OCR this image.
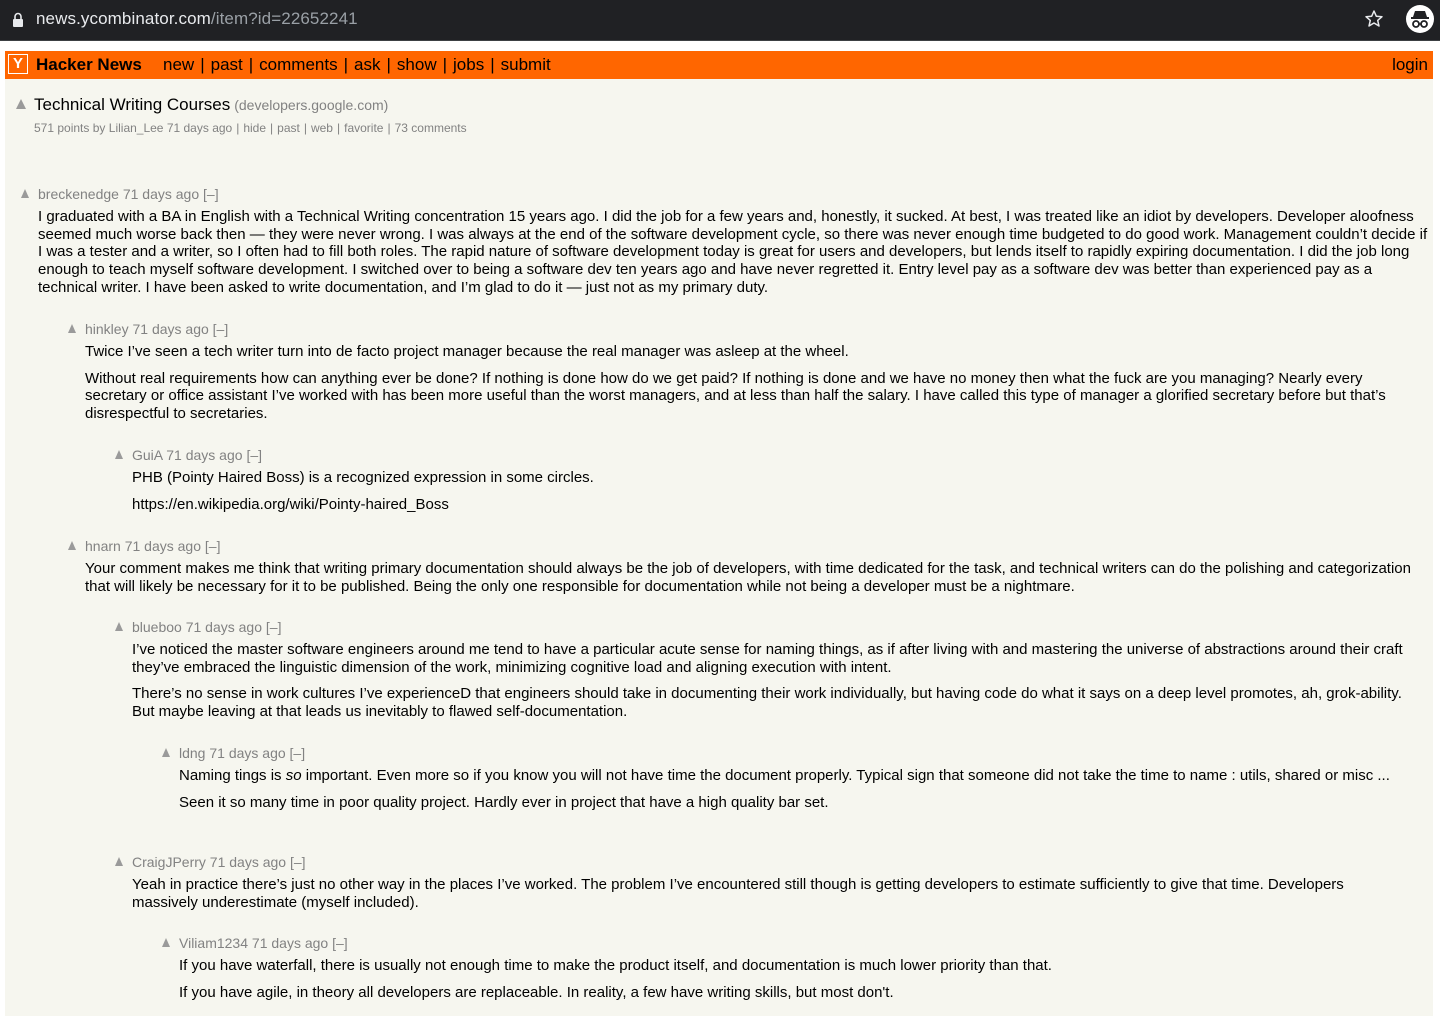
news.ycombinator.com/item?id=22652241
Y Hacker News new | past | comments | ask | show | jobs | submit	login
Technical Writing Courses (developers.google.com)
571 points by Lilian_Lee 71 days ago | hide | past | web | favorite | 73 comments
breckenedge 71 days ago [–]

I graduated with a BA in English with a Technical Writing concentration 15 years ago. I did the job for a few years and, honestly, it sucked. At best, I was treated like an idiot by developers. Developer aloofness seemed much worse back then — they were never wrong. I was always at the end of the software development cycle, so there was never enough time budgeted to do good work. Management couldn’t decide if I was a tester and a writer, so I often had to fill both roles. The rapid nature of software development today is great for users and developers, but lends itself to rapidly expiring documentation. I did the job long enough to teach myself software development. I switched over to being a software dev ten years ago and have never regretted it. Entry level pay as a software dev was better than experienced pay as a technical writer. I have been asked to write documentation, and I’m glad to do it — just not as my primary duty.

hinkley 71 days ago [–]

Twice I’ve seen a tech writer turn into de facto project manager because the real manager was asleep at the wheel.

Without real requirements how can anything ever be done? If nothing is done how do we get paid? If nothing is done and we have no money then what the fuck are you managing? Nearly every secretary or office assistant I’ve worked with has been more useful than the worst managers, and at less than half the salary. I have called this type of manager a glorified secretary before but that’s disrespectful to secretaries.

GuiA 71 days ago [–]

PHB (Pointy Haired Boss) is a recognized expression in some circles.

https://en.wikipedia.org/wiki/Pointy-haired_Boss

hnarn 71 days ago [–]

Your comment makes me think that writing primary documentation should always be the job of developers, with time dedicated for the task, and technical writers can do the polishing and categorization that will likely be necessary for it to be published. Being the only one responsible for documentation while not being a developer must be a nightmare.

blueboo 71 days ago [–]

I’ve noticed the master software engineers around me tend to have a particular acute sense for naming things, as if after living with and mastering the universe of abstractions around their craft they’ve embraced the linguistic dimension of the work, minimizing cognitive load and aligning execution with intent.

There’s no sense in work cultures I’ve experienceD that engineers should take in documenting their work individually, but having code do what it says on a deep level promotes, ah, grok-ability. But maybe leaving at that leads us inevitably to flawed self-documentation.

ldng 71 days ago [–]

Naming tings is so important. Even more so if you know you will not have time the document properly. Typical sign that someone did not take the time to name : utils, shared or misc ...

Seen it so many time in poor quality project. Hardly ever in project that have a high quality bar set.

CraigJPerry 71 days ago [–]

Yeah in practice there’s just no other way in the places I’ve worked. The problem I’ve encountered still though is getting developers to estimate sufficiently to give that time. Developers massively underestimate (myself included).

Viliam1234 71 days ago [–]

If you have waterfall, there is usually not enough time to make the product itself, and documentation is much lower priority than that.

If you have agile, in theory all developers are replaceable. In reality, a few have writing skills, but most don't.
